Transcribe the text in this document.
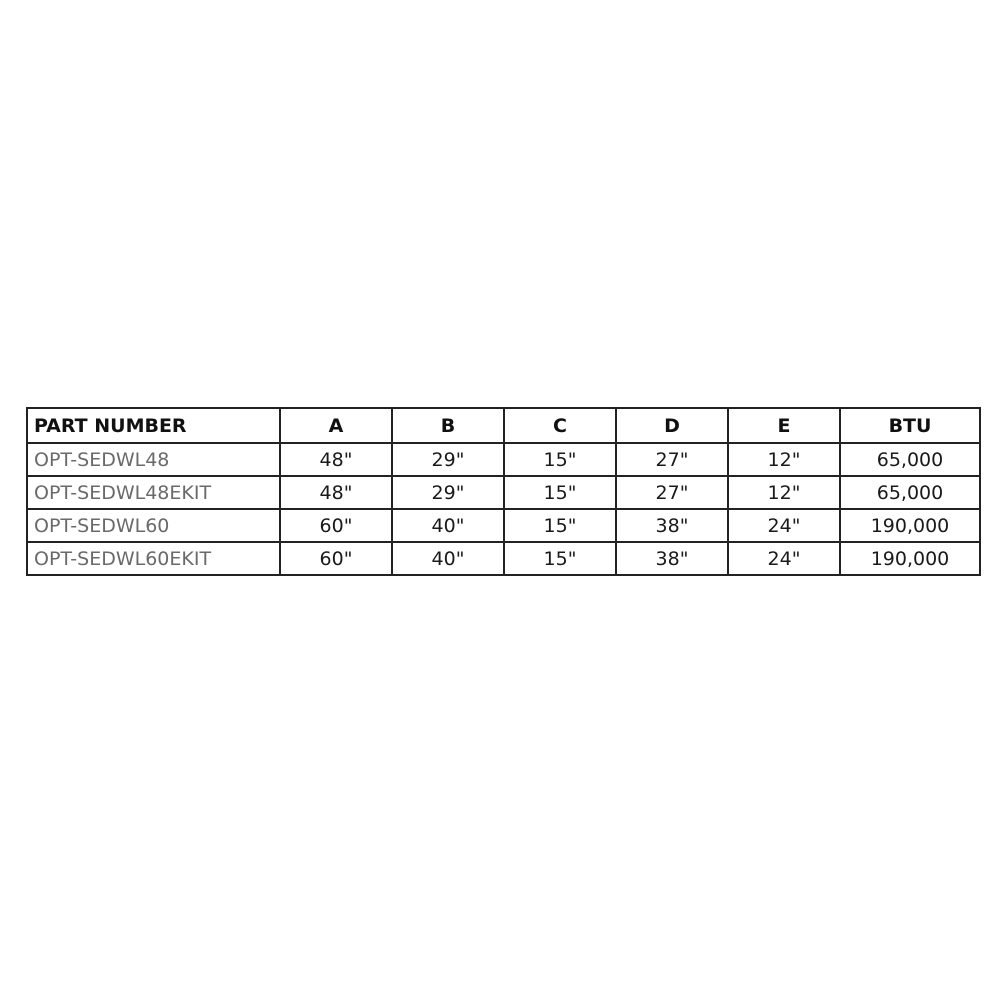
PART NUMBER	A	B	C	D	E	BTU
OPT-SEDWL48	48"	29"	15"	27"	12"	65,000
OPT-SEDWL48EKIT	48"	29"	15"	27"	12"	65,000
OPT-SEDWL60	60"	40"	15"	38"	24"	190,000
OPT-SEDWL60EKIT	60"	40"	15"	38"	24"	190,000
